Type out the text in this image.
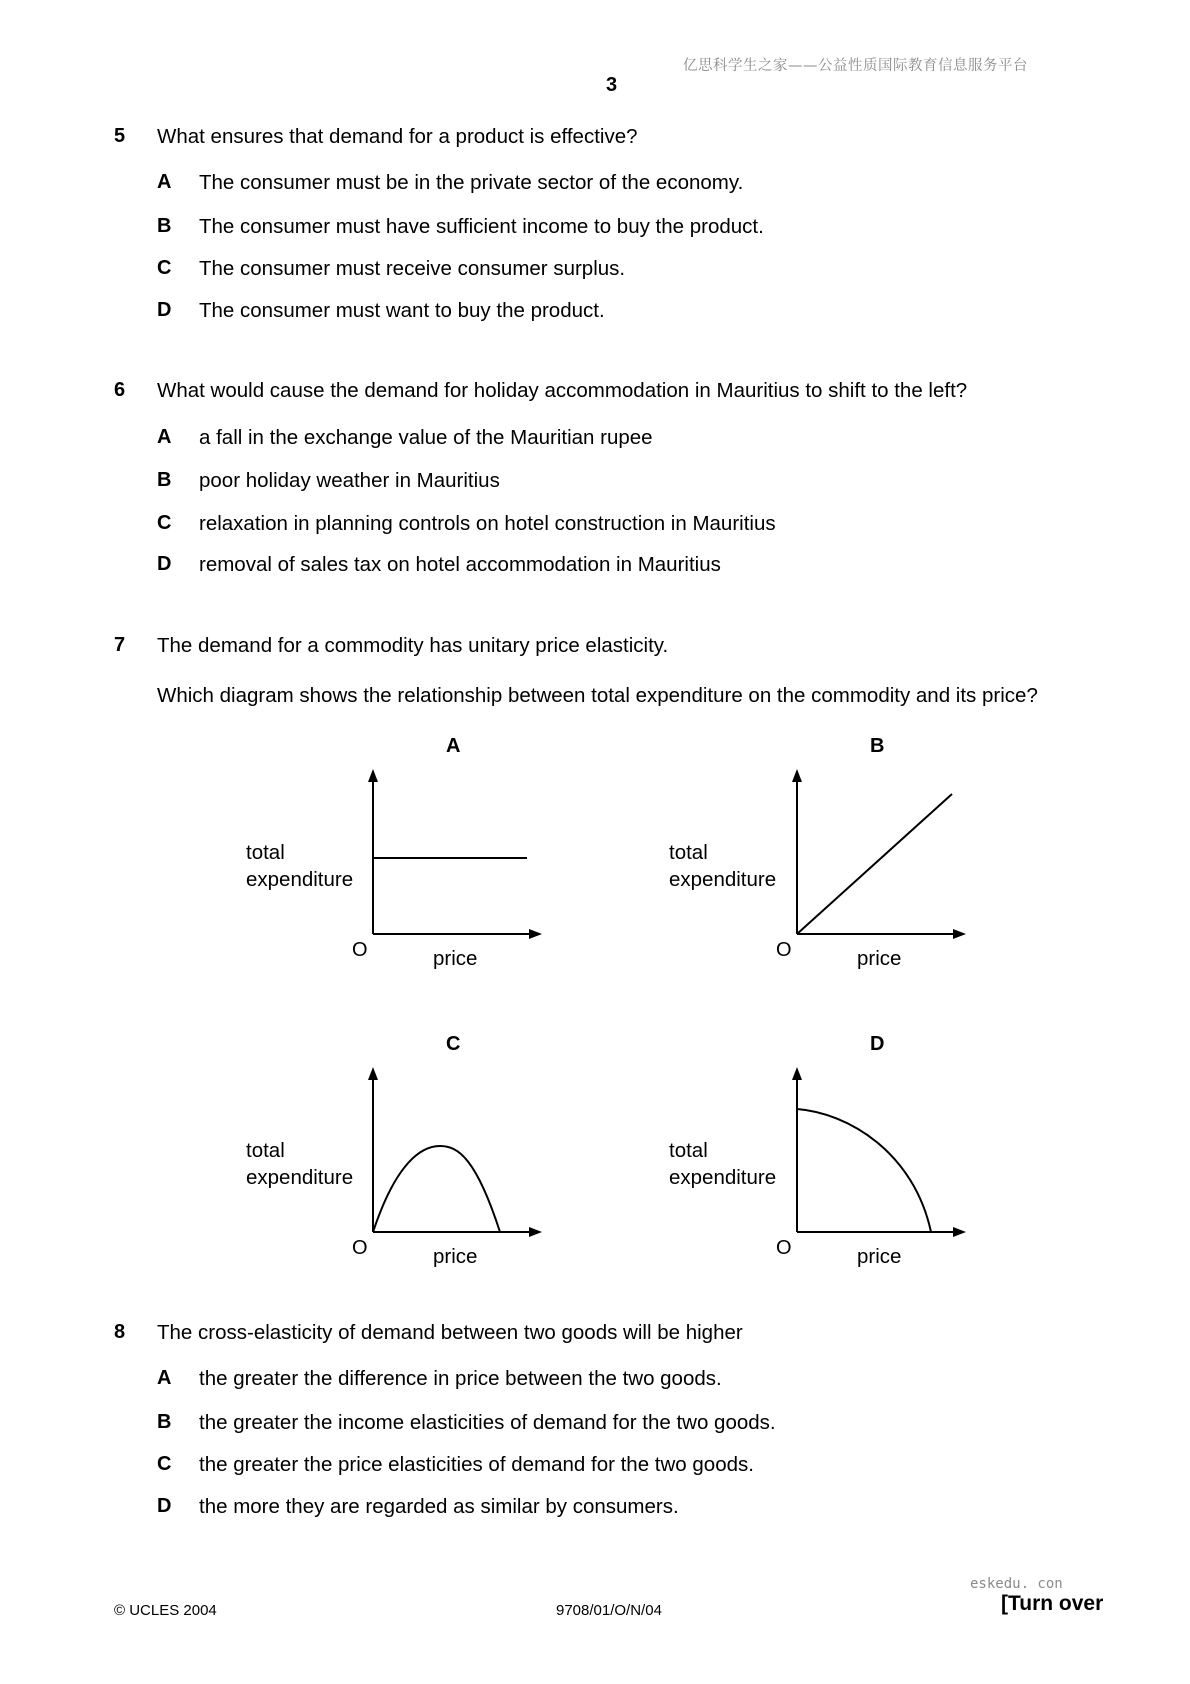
亿思科学生之家——公益性质国际教育信息服务平台
3
5 What ensures that demand for a product is effective?
A The consumer must be in the private sector of the economy.
B The consumer must have sufficient income to buy the product.
C The consumer must receive consumer surplus.
D The consumer must want to buy the product.
6 What would cause the demand for holiday accommodation in Mauritius to shift to the left?
A a fall in the exchange value of the Mauritian rupee
B poor holiday weather in Mauritius
C relaxation in planning controls on hotel construction in Mauritius
D removal of sales tax on hotel accommodation in Mauritius
7 The demand for a commodity has unitary price elasticity.
Which diagram shows the relationship between total expenditure on the commodity and its price?
A
total
expenditure
O	price
B
total
expenditure
O	price
C
total
expenditure
O	price
D
total
expenditure
O	price
8 The cross-elasticity of demand between two goods will be higher
A the greater the difference in price between the two goods.
B the greater the income elasticities of demand for the two goods.
C the greater the price elasticities of demand for the two goods.
D the more they are regarded as similar by consumers.
eskedu. con
© UCLES 2004	9708/01/O/N/04	[Turn over
